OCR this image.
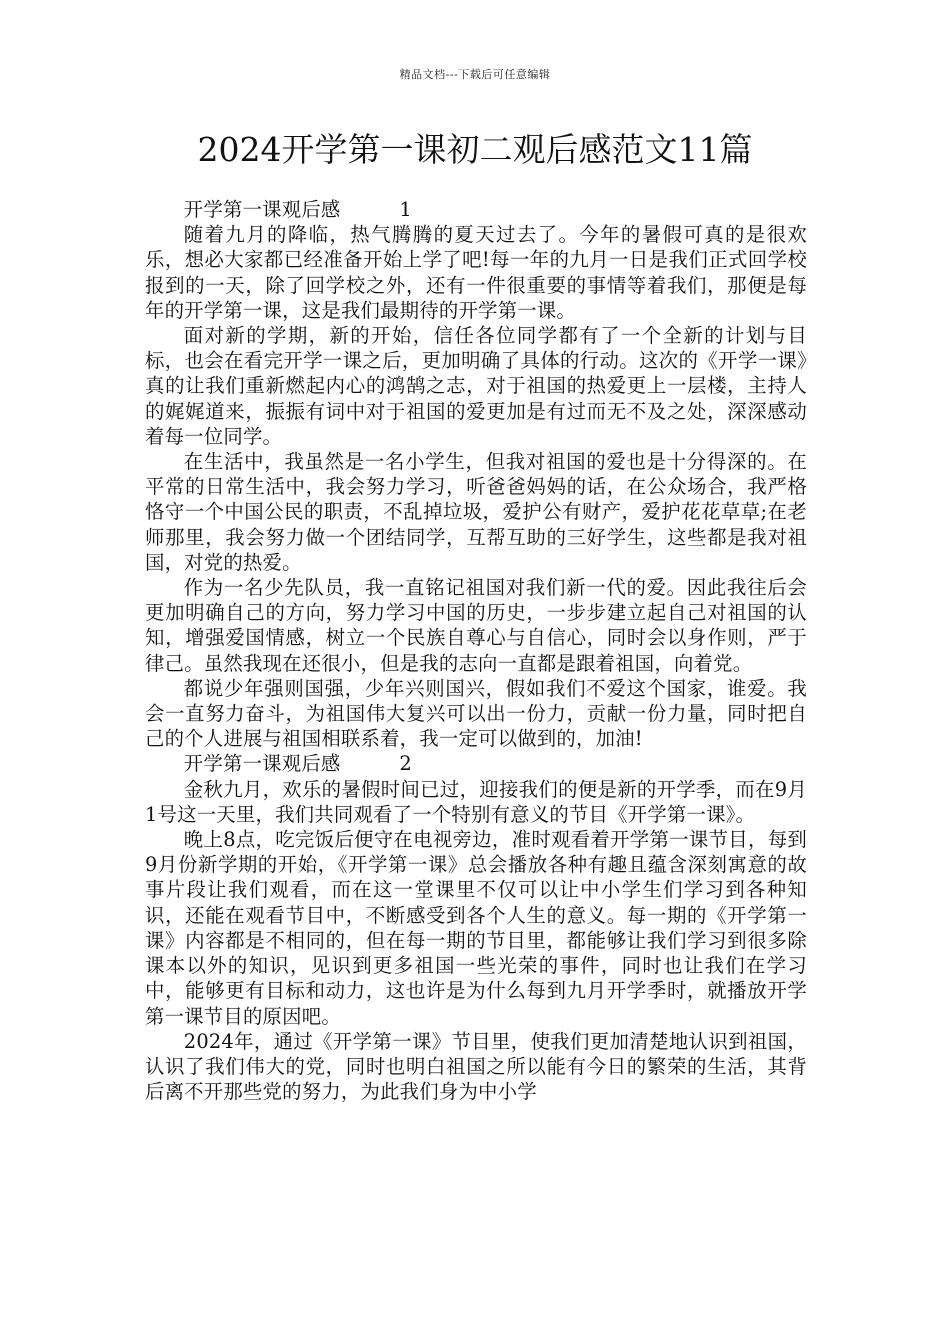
精品文档---下载后可任意编辑
2024开学第一课初二观后感范文11篇
开学第一课观后感	1

随着九月的降临，热气腾腾的夏天过去了。今年的暑假可真的是很欢乐，想必大家都已经准备开始上学了吧!每一年的九月一日是我们正式回学校报到的一天，除了回学校之外，还有一件很重要的事情等着我们，那便是每年的开学第一课，这是我们最期待的开学第一课。

面对新的学期，新的开始，信任各位同学都有了一个全新的计划与目标，也会在看完开学一课之后，更加明确了具体的行动。这次的《开学一课》真的让我们重新燃起内心的鸿鹄之志，对于祖国的热爱更上一层楼，主持人的娓娓道来，振振有词中对于祖国的爱更加是有过而无不及之处，深深感动着每一位同学。

在生活中，我虽然是一名小学生，但我对祖国的爱也是十分得深的。在平常的日常生活中，我会努力学习，听爸爸妈妈的话，在公众场合，我严格恪守一个中国公民的职责，不乱掉垃圾，爱护公有财产，爱护花花草草;在老师那里，我会努力做一个团结同学，互帮互助的三好学生，这些都是我对祖国，对党的热爱。

作为一名少先队员，我一直铭记祖国对我们新一代的爱。因此我往后会更加明确自己的方向，努力学习中国的历史，一步步建立起自己对祖国的认知，增强爱国情感，树立一个民族自尊心与自信心，同时会以身作则，严于律己。虽然我现在还很小，但是我的志向一直都是跟着祖国，向着党。

都说少年强则国强，少年兴则国兴，假如我们不爱这个国家，谁爱。我会一直努力奋斗，为祖国伟大复兴可以出一份力，贡献一份力量，同时把自己的个人进展与祖国相联系着，我一定可以做到的，加油!

开学第一课观后感	2

金秋九月，欢乐的暑假时间已过，迎接我们的便是新的开学季，而在9月1号这一天里，我们共同观看了一个特别有意义的节目《开学第一课》。

晚上8点，吃完饭后便守在电视旁边，准时观看着开学第一课节目，每到9月份新学期的开始，《开学第一课》总会播放各种有趣且蕴含深刻寓意的故事片段让我们观看，而在这一堂课里不仅可以让中小学生们学习到各种知识，还能在观看节目中，不断感受到各个人生的意义。每一期的《开学第一课》内容都是不相同的，但在每一期的节目里，都能够让我们学习到很多除课本以外的知识，见识到更多祖国一些光荣的事件，同时也让我们在学习中，能够更有目标和动力，这也许是为什么每到九月开学季时，就播放开学第一课节目的原因吧。

2024年，通过《开学第一课》节目里，使我们更加清楚地认识到祖国，认识了我们伟大的党，同时也明白祖国之所以能有今日的繁荣的生活，其背后离不开那些党的努力，为此我们身为中小学
